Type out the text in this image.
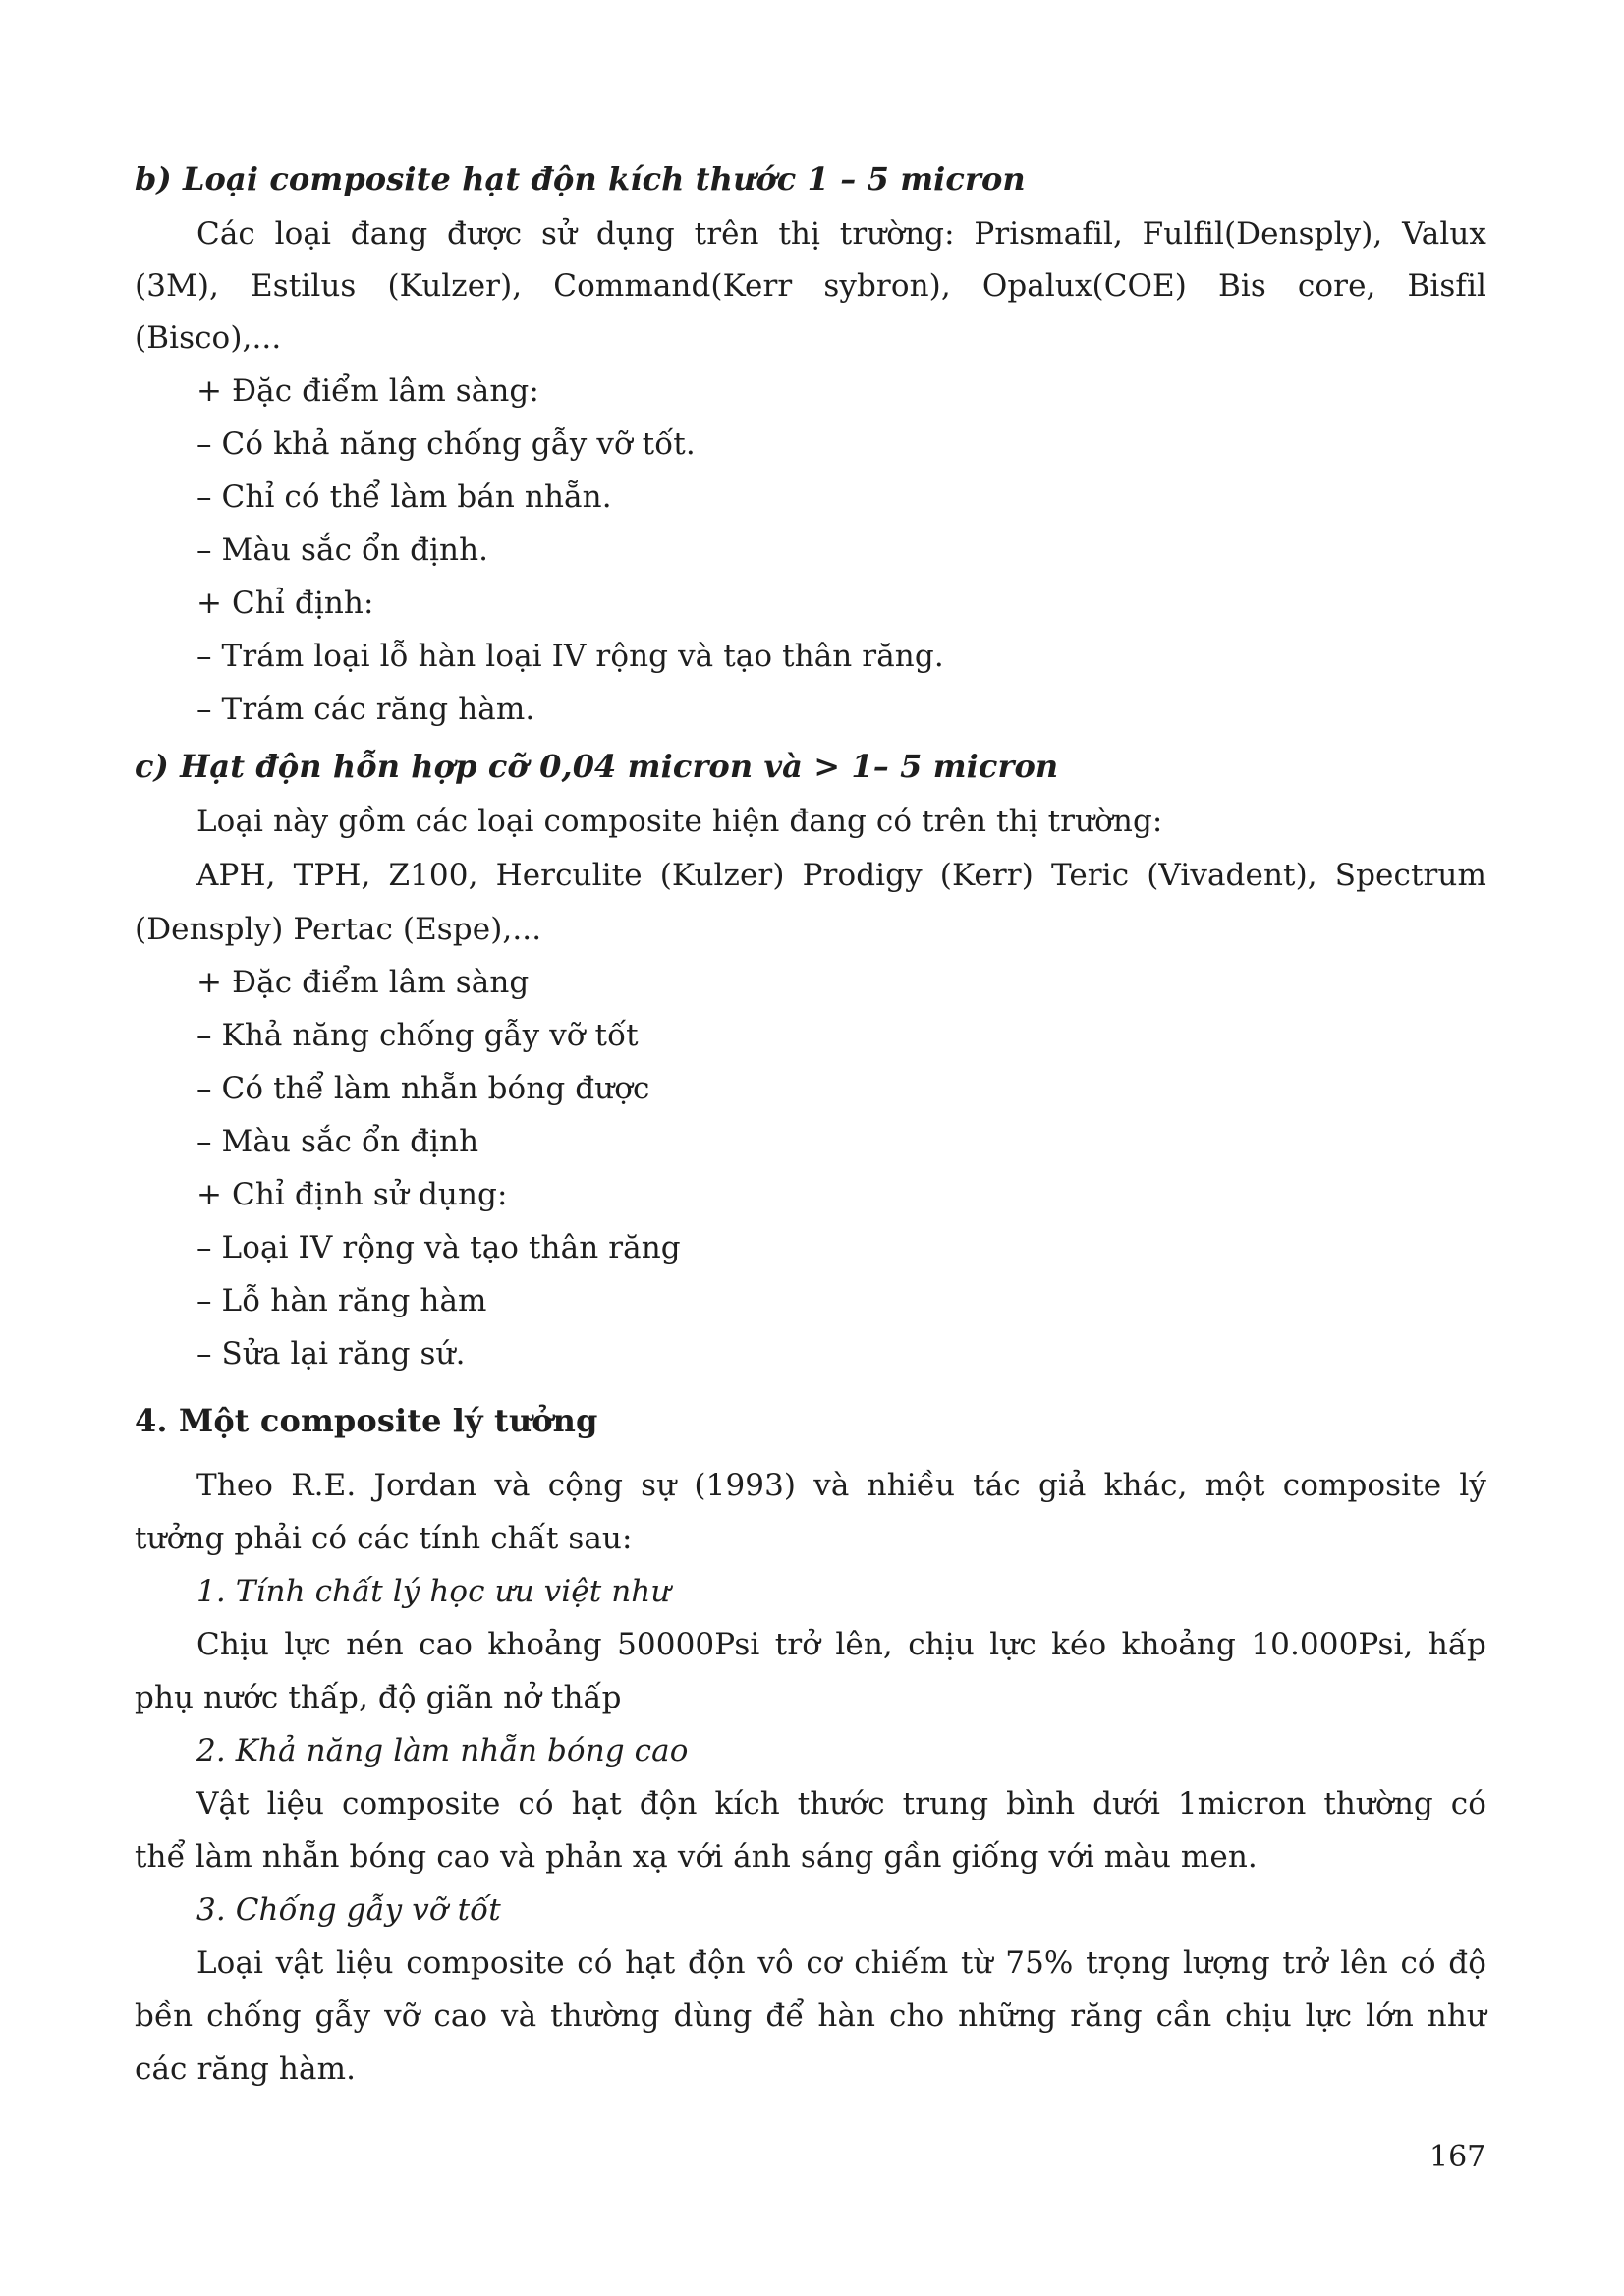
b) Loại composite hạt độn kích thước 1 – 5 micron
Các loại đang được sử dụng trên thị trường: Prismafil, Fulfil(Densply), Valux
(3M), Estilus (Kulzer), Command(Kerr sybron), Opalux(COE) Bis core, Bisfil
(Bisco),...
+ Đặc điểm lâm sàng:
– Có khả năng chống gẫy vỡ tốt.
– Chỉ có thể làm bán nhẵn.
– Màu sắc ổn định.
+ Chỉ định:
– Trám loại lỗ hàn loại IV rộng và tạo thân răng.
– Trám các răng hàm.
c) Hạt độn hỗn hợp cỡ 0,04 micron và > 1– 5 micron
Loại này gồm các loại composite hiện đang có trên thị trường:
APH, TPH, Z100, Herculite (Kulzer) Prodigy (Kerr) Teric (Vivadent), Spectrum
(Densply) Pertac (Espe),...
+ Đặc điểm lâm sàng
– Khả năng chống gẫy vỡ tốt
– Có thể làm nhẵn bóng được
– Màu sắc ổn định
+ Chỉ định sử dụng:
– Loại IV rộng và tạo thân răng
– Lỗ hàn răng hàm
– Sửa lại răng sứ.
4. Một composite lý tưởng
Theo R.E. Jordan và cộng sự (1993) và nhiều tác giả khác, một composite lý
tưởng phải có các tính chất sau:
1. Tính chất lý học ưu việt như
Chịu lực nén cao khoảng 50000Psi trở lên, chịu lực kéo khoảng 10.000Psi, hấp
phụ nước thấp, độ giãn nở thấp
2. Khả năng làm nhẵn bóng cao
Vật liệu composite có hạt độn kích thước trung bình dưới 1micron thường có
thể làm nhẵn bóng cao và phản xạ với ánh sáng gần giống với màu men.
3. Chống gẫy vỡ tốt
Loại vật liệu composite có hạt độn vô cơ chiếm từ 75% trọng lượng trở lên có độ
bền chống gẫy vỡ cao và thường dùng để hàn cho những răng cần chịu lực lớn như
các răng hàm.
167
